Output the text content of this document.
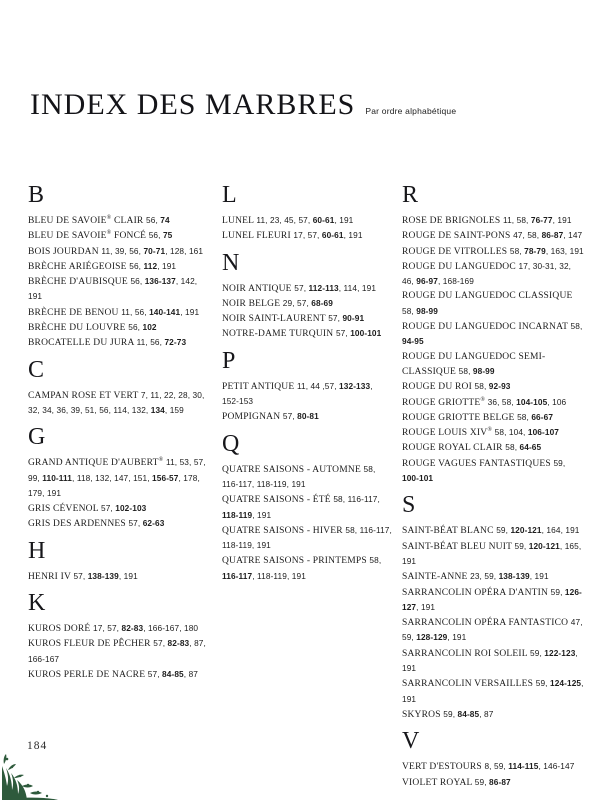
INDEX DES MARBRES Par ordre alphabétique
B

BLEU DE SAVOIE® CLAIR 56, 74

BLEU DE SAVOIE® FONCÉ 56, 75

BOIS JOURDAN 11, 39, 56, 70-71, 128, 161

BRÈCHE ARIÉGEOISE 56, 112, 191

BRÈCHE D'AUBISQUE 56, 136-137, 142, 191

BRÈCHE DE BENOU 11, 56, 140-141, 191

BRÈCHE DU LOUVRE 56, 102

BROCATELLE DU JURA 11, 56, 72-73

C

CAMPAN ROSE ET VERT 7, 11, 22, 28, 30, 32, 34, 36, 39, 51, 56, 114, 132, 134, 159

G

GRAND ANTIQUE D'AUBERT® 11, 53, 57, 99, 110-111, 118, 132, 147, 151, 156-57, 178, 179, 191

GRIS CÉVENOL 57, 102-103

GRIS DES ARDENNES 57, 62-63

H

HENRI IV 57, 138-139, 191

K

KUROS DORÉ 17, 57, 82-83, 166-167, 180

KUROS FLEUR DE PÊCHER 57, 82-83, 87, 166-167

KUROS PERLE DE NACRE 57, 84-85, 87

L

LUNEL 11, 23, 45, 57, 60-61, 191

LUNEL FLEURI 17, 57, 60-61, 191

N

NOIR ANTIQUE 57, 112-113, 114, 191

NOIR BELGE 29, 57, 68-69

NOIR SAINT-LAURENT 57, 90-91

NOTRE-DAME TURQUIN 57, 100-101

P

PETIT ANTIQUE 11, 44 ,57, 132-133, 152-153

POMPIGNAN 57, 80-81

Q

QUATRE SAISONS - AUTOMNE 58, 116-117, 118-119, 191

QUATRE SAISONS - ÉTÉ 58, 116-117, 118-119, 191

QUATRE SAISONS - HIVER 58, 116-117, 118-119, 191

QUATRE SAISONS - PRINTEMPS 58, 116-117, 118-119, 191

R

ROSE DE BRIGNOLES 11, 58, 76-77, 191

ROUGE DE SAINT-PONS 47, 58, 86-87, 147

ROUGE DE VITROLLES 58, 78-79, 163, 191

ROUGE DU LANGUEDOC 17, 30-31, 32, 46, 96-97, 168-169

ROUGE DU LANGUEDOC CLASSIQUE 58, 98-99

ROUGE DU LANGUEDOC INCARNAT 58, 94-95

ROUGE DU LANGUEDOC SEMI-CLASSIQUE 58, 98-99

ROUGE DU ROI 58, 92-93

ROUGE GRIOTTE® 36, 58, 104-105, 106

ROUGE GRIOTTE BELGE 58, 66-67

ROUGE LOUIS XIV® 58, 104, 106-107

ROUGE ROYAL CLAIR 58, 64-65

ROUGE VAGUES FANTASTIQUES 59, 100-101

S

SAINT-BÉAT BLANC 59, 120-121, 164, 191

SAINT-BÉAT BLEU NUIT 59, 120-121, 165, 191

SAINTE-ANNE 23, 59, 138-139, 191

SARRANCOLIN OPÉRA D'ANTIN 59, 126-127, 191

SARRANCOLIN OPÉRA FANTASTICO 47, 59, 128-129, 191

SARRANCOLIN ROI SOLEIL 59, 122-123, 191

SARRANCOLIN VERSAILLES 59, 124-125, 191

SKYROS 59, 84-85, 87

V

VERT D'ESTOURS 8, 59, 114-115, 146-147

VIOLET ROYAL 59, 86-87

184
